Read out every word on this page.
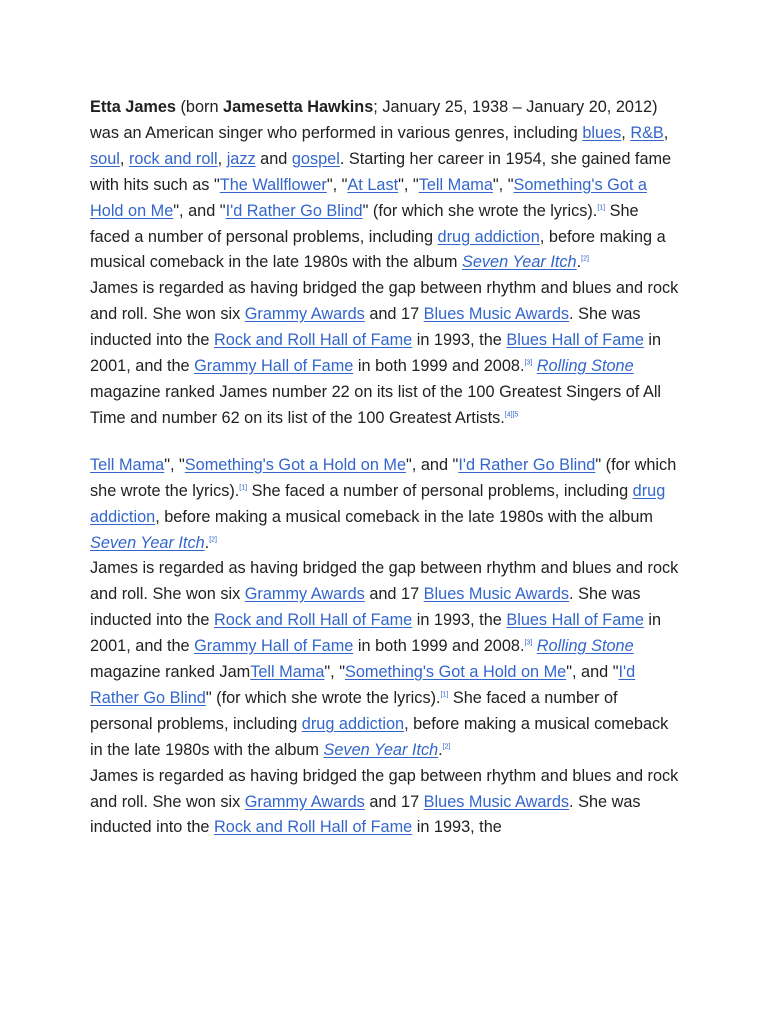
Etta James (born Jamesetta Hawkins; January 25, 1938 – January 20, 2012) was an American singer who performed in various genres, including blues, R&B, soul, rock and roll, jazz and gospel. Starting her career in 1954, she gained fame with hits such as "The Wallflower", "At Last", "Tell Mama", "Something's Got a Hold on Me", and "I'd Rather Go Blind" (for which she wrote the lyrics).[1] She faced a number of personal problems, including drug addiction, before making a musical comeback in the late 1980s with the album Seven Year Itch.[2]
James is regarded as having bridged the gap between rhythm and blues and rock and roll. She won six Grammy Awards and 17 Blues Music Awards. She was inducted into the Rock and Roll Hall of Fame in 1993, the Blues Hall of Fame in 2001, and the Grammy Hall of Fame in both 1999 and 2008.[3] Rolling Stone magazine ranked James number 22 on its list of the 100 Greatest Singers of All Time and number 62 on its list of the 100 Greatest Artists.$^{[4][5}$

Tell Mama", "Something's Got a Hold on Me", and "I'd Rather Go Blind" (for which she wrote the lyrics).[1] She faced a number of personal problems, including drug addiction, before making a musical comeback in the late 1980s with the album Seven Year Itch.[2]
James is regarded as having bridged the gap between rhythm and blues and rock and roll. She won six Grammy Awards and 17 Blues Music Awards. She was inducted into the Rock and Roll Hall of Fame in 1993, the Blues Hall of Fame in 2001, and the Grammy Hall of Fame in both 1999 and 2008.[3] Rolling Stone magazine ranked JamTell Mama", "Something's Got a Hold on Me", and "I'd Rather Go Blind" (for which she wrote the lyrics).[1] She faced a number of personal problems, including drug addiction, before making a musical comeback in the late 1980s with the album Seven Year Itch.[2]
James is regarded as having bridged the gap between rhythm and blues and rock and roll. She won six Grammy Awards and 17 Blues Music Awards. She was inducted into the Rock and Roll Hall of Fame in 1993, the
